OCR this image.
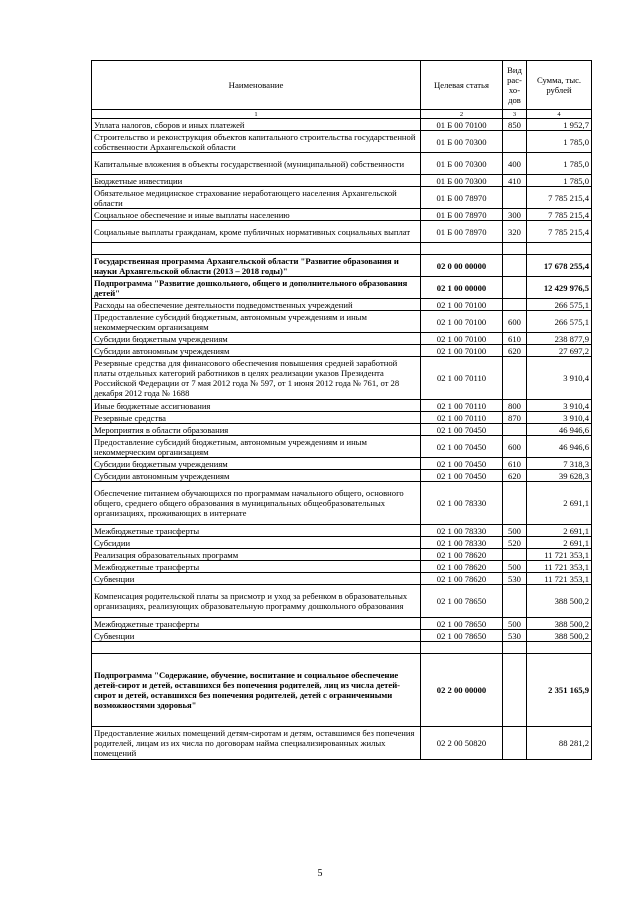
Наименование	Целевая статья	Вид рас- хо- дов	Сумма, тыс. рублей
1	2	3	4
Уплата налогов, сборов и иных платежей	01 Б 00 70100	850	1 952,7
Строительство и реконструкция объектов капитального строительства государственной собственности Архангельской области	01 Б 00 70300		1 785,0
Капитальные вложения в объекты государственной (муниципальной) собственности	01 Б 00 70300	400	1 785,0
Бюджетные инвестиции	01 Б 00 70300	410	1 785,0
Обязательное медицинское страхование неработающего населения Архангельской области	01 Б 00 78970		7 785 215,4
Социальное обеспечение и иные выплаты населению	01 Б 00 78970	300	7 785 215,4
Социальные выплаты гражданам, кроме публичных нормативных социальных выплат	01 Б 00 78970	320	7 785 215,4

Государственная программа Архангельской области "Развитие образования и науки Архангельской области (2013 – 2018 годы)"	02 0 00 00000		17 678 255,4
Подпрограмма "Развитие дошкольного, общего и дополнительного образования детей"	02 1 00 00000		12 429 976,5
Расходы на обеспечение деятельности подведомственных учреждений	02 1 00 70100		266 575,1
Предоставление субсидий бюджетным, автономным учреждениям и иным некоммерческим организациям	02 1 00 70100	600	266 575,1
Субсидии бюджетным учреждениям	02 1 00 70100	610	238 877,9
Субсидии автономным учреждениям	02 1 00 70100	620	27 697,2
Резервные средства для финансового обеспечения повышения средней заработной платы отдельных категорий работников в целях реализации указов Президента Российской Федерации от 7 мая 2012 года № 597, от 1 июня 2012 года № 761, от 28 декабря 2012 года № 1688	02 1 00 70110		3 910,4
Иные бюджетные ассигнования	02 1 00 70110	800	3 910,4
Резервные средства	02 1 00 70110	870	3 910,4
Мероприятия в области образования	02 1 00 70450		46 946,6
Предоставление субсидий бюджетным, автономным учреждениям и иным некоммерческим организациям	02 1 00 70450	600	46 946,6
Субсидии бюджетным учреждениям	02 1 00 70450	610	7 318,3
Субсидии автономным учреждениям	02 1 00 70450	620	39 628,3
Обеспечение питанием обучающихся по программам начального общего, основного общего, среднего общего образования в муниципальных общеобразовательных организациях, проживающих в интернате	02 1 00 78330		2 691,1
Межбюджетные трансферты	02 1 00 78330	500	2 691,1
Субсидии	02 1 00 78330	520	2 691,1
Реализация образовательных программ	02 1 00 78620		11 721 353,1
Межбюджетные трансферты	02 1 00 78620	500	11 721 353,1
Субвенции	02 1 00 78620	530	11 721 353,1
Компенсация родительской платы за присмотр и уход за ребенком в образовательных организациях, реализующих образовательную программу дошкольного образования	02 1 00 78650		388 500,2
Межбюджетные трансферты	02 1 00 78650	500	388 500,2
Субвенции	02 1 00 78650	530	388 500,2

Подпрограмма "Содержание, обучение, воспитание и социальное обеспечение детей-сирот и детей, оставшихся без попечения родителей, лиц из числа детей-сирот и детей, оставшихся без попечения родителей, детей с ограниченными возможностями здоровья"	02 2 00 00000		2 351 165,9
Предоставление жилых помещений детям-сиротам и детям, оставшимся без попечения родителей, лицам из их числа по договорам найма специализированных жилых помещений	02 2 00 50820		88 281,2
5
